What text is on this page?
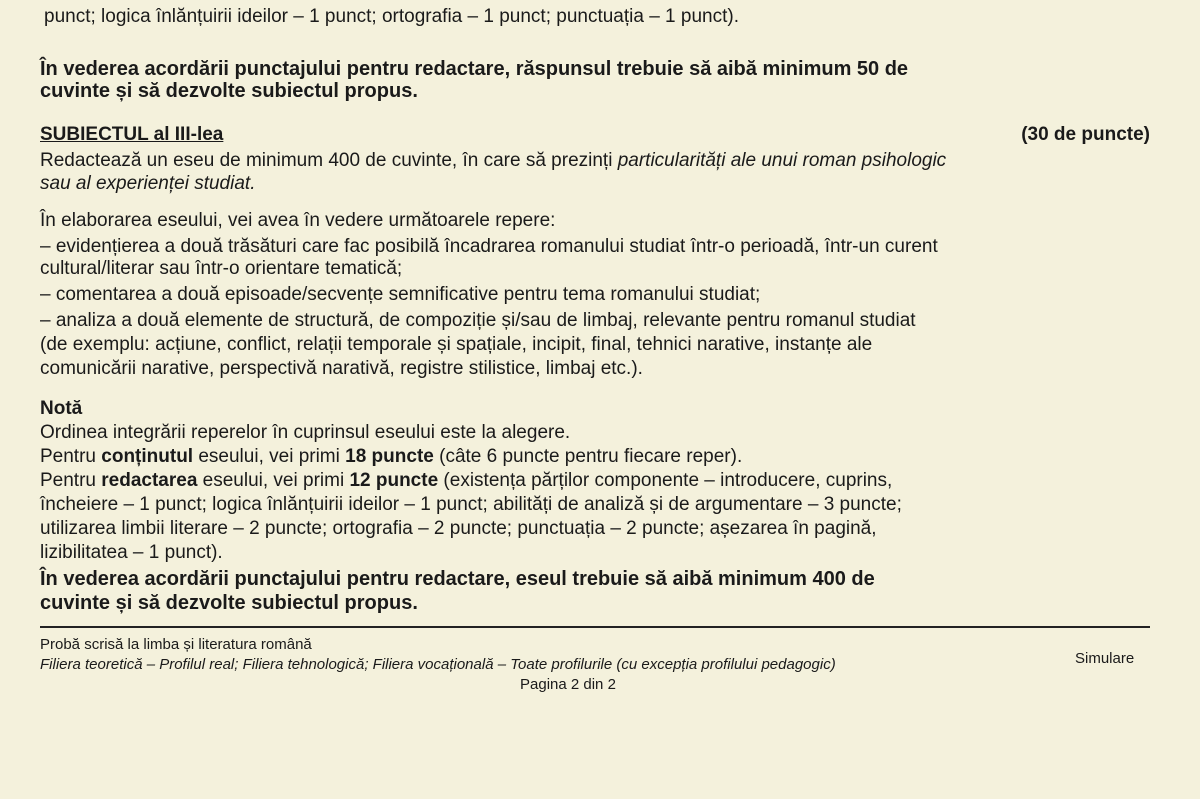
punct; logica înlănțuirii ideilor – 1 punct; ortografia – 1 punct; punctuația – 1 punct).
În vederea acordării punctajului pentru redactare, răspunsul trebuie să aibă minimum 50 de
cuvinte și să dezvolte subiectul propus.
SUBIECTUL al III-lea	(30 de puncte)
Redactează un eseu de minimum 400 de cuvinte, în care să prezinți particularități ale unui roman psihologic
sau al experienței studiat.
În elaborarea eseului, vei avea în vedere următoarele repere:
– evidențierea a două trăsături care fac posibilă încadrarea romanului studiat într-o perioadă, într-un curent
cultural/literar sau într-o orientare tematică;
– comentarea a două episoade/secvențe semnificative pentru tema romanului studiat;
– analiza a două elemente de structură, de compoziție și/sau de limbaj, relevante pentru romanul studiat
(de exemplu: acțiune, conflict, relații temporale și spațiale, incipit, final, tehnici narative, instanțe ale
comunicării narative, perspectivă narativă, registre stilistice, limbaj etc.).
Notă
Ordinea integrării reperelor în cuprinsul eseului este la alegere.
Pentru conținutul eseului, vei primi 18 puncte (câte 6 puncte pentru fiecare reper).
Pentru redactarea eseului, vei primi 12 puncte (existența părților componente – introducere, cuprins,
încheiere – 1 punct; logica înlănțuirii ideilor – 1 punct; abilități de analiză și de argumentare – 3 puncte;
utilizarea limbii literare – 2 puncte; ortografia – 2 puncte; punctuația – 2 puncte; așezarea în pagină,
lizibilitatea – 1 punct).
În vederea acordării punctajului pentru redactare, eseul trebuie să aibă minimum 400 de
cuvinte și să dezvolte subiectul propus.
Probă scrisă la limba și literatura română
Filiera teoretică – Profilul real; Filiera tehnologică; Filiera vocațională – Toate profilurile (cu excepția profilului pedagogic)	Simulare
Pagina 2 din 2
